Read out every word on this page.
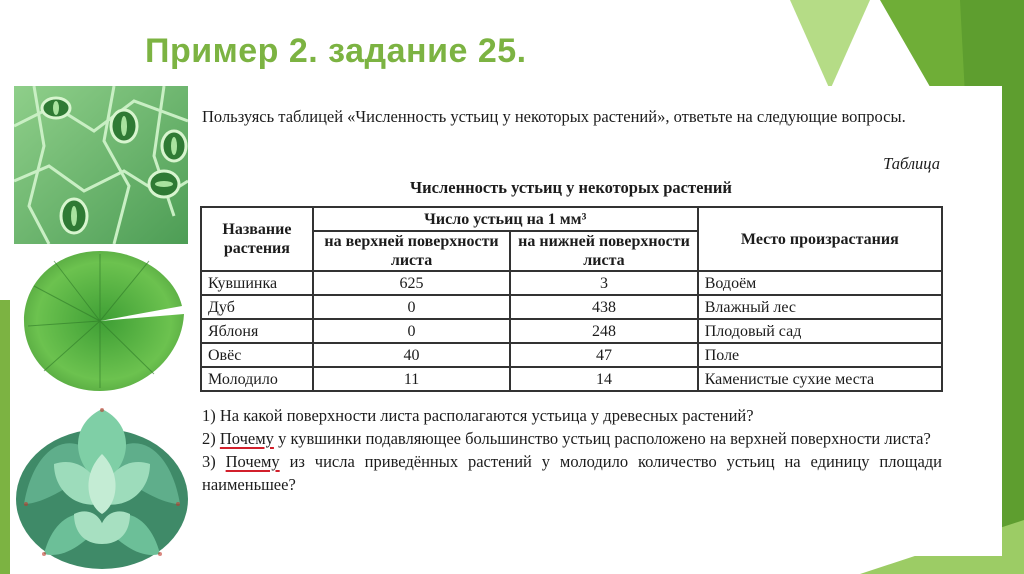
Пример 2. задание 25.
Пользуясь таблицей «Численность устьиц у некоторых растений», ответьте на следующие вопросы.
Таблица
Численность устьиц у некоторых растений
Название растения	Число устьиц на 1 мм³		Место произрастания
	на верхней поверхности листа	на нижней поверхности листа	
Кувшинка	625	3	Водоём
Дуб	0	438	Влажный лес
Яблоня	0	248	Плодовый сад
Овёс	40	47	Поле
Молодило	11	14	Каменистые сухие места

1) На какой поверхности листа располагаются устьица у древесных растений?

2) Почему у кувшинки подавляющее большинство устьиц расположено на верхней поверхности листа?

3) Почему из числа приведённых растений у молодило количество устьиц на единицу площади наименьшее?
